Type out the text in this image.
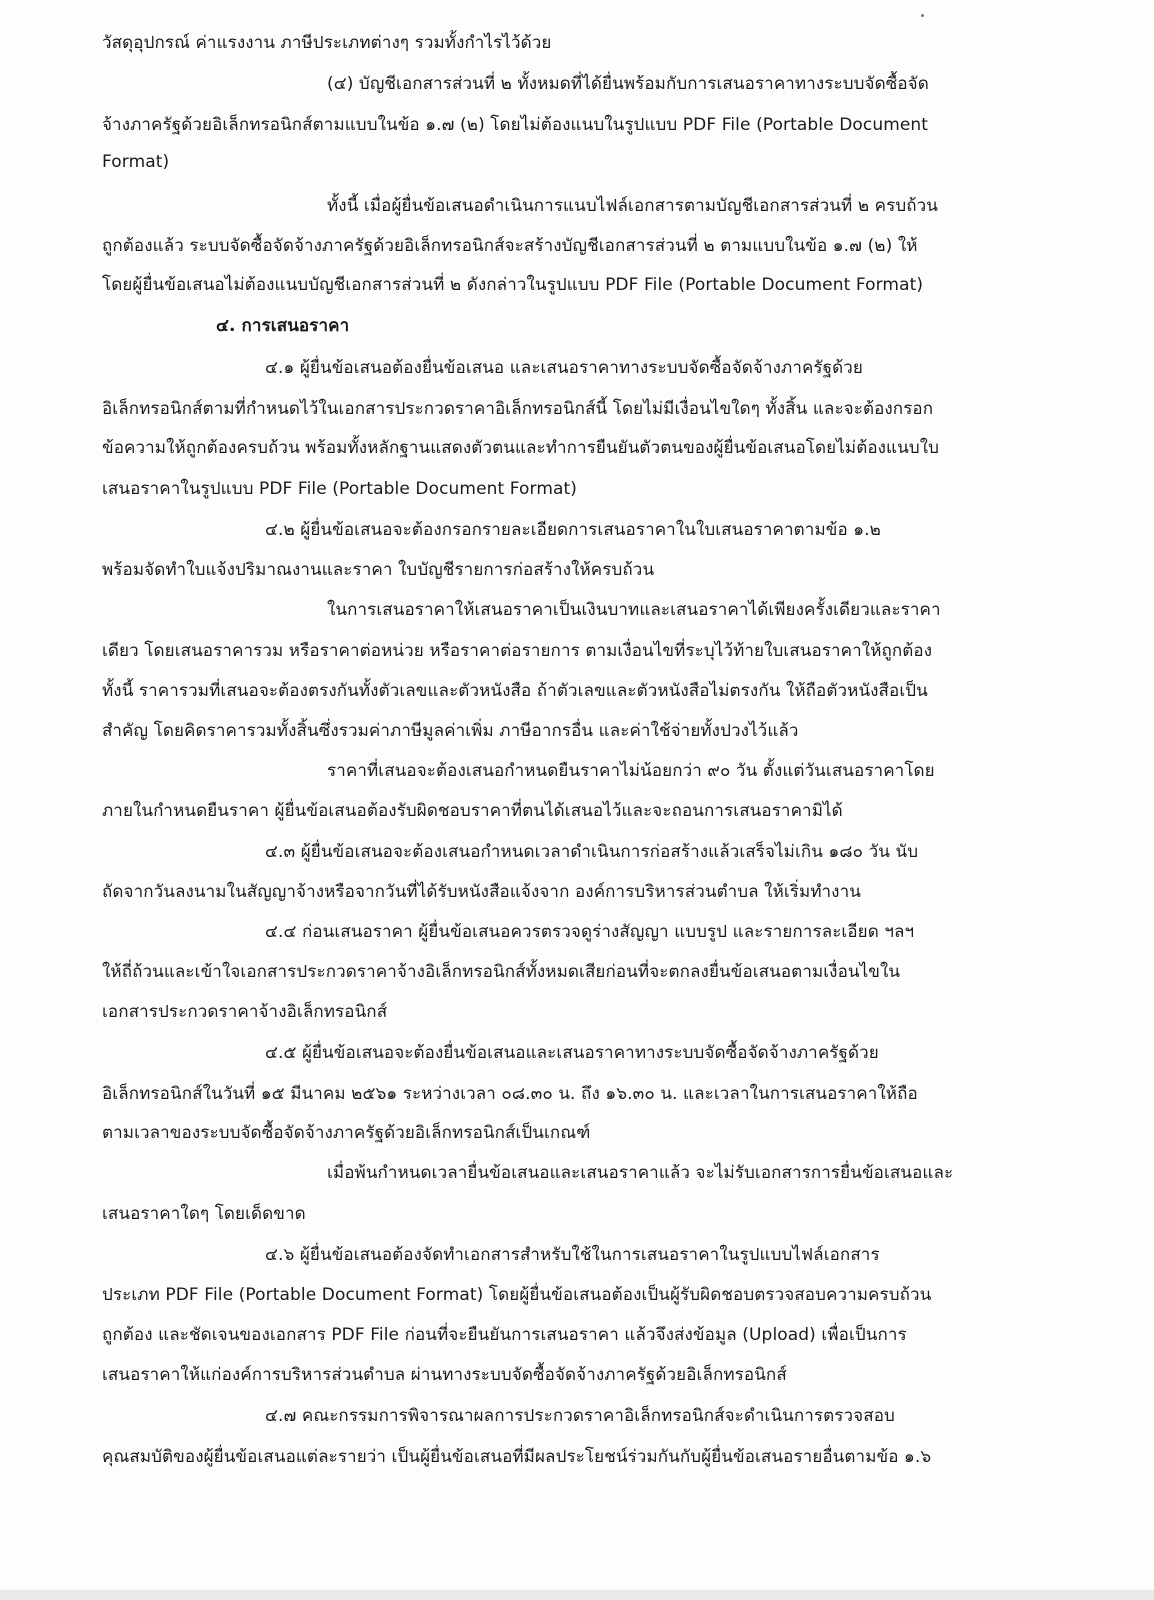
วัสดุอุปกรณ์ ค่าแรงงาน ภาษีประเภทต่างๆ รวมทั้งกำไรไว้ด้วย
(๔) บัญชีเอกสารส่วนที่ ๒ ทั้งหมดที่ได้ยื่นพร้อมกับการเสนอราคาทางระบบจัดซื้อจัด
จ้างภาครัฐด้วยอิเล็กทรอนิกส์ตามแบบในข้อ ๑.๗ (๒) โดยไม่ต้องแนบในรูปแบบ PDF File (Portable Document
Format)
ทั้งนี้ เมื่อผู้ยื่นข้อเสนอดำเนินการแนบไฟล์เอกสารตามบัญชีเอกสารส่วนที่ ๒ ครบถ้วน
ถูกต้องแล้ว ระบบจัดซื้อจัดจ้างภาครัฐด้วยอิเล็กทรอนิกส์จะสร้างบัญชีเอกสารส่วนที่ ๒ ตามแบบในข้อ ๑.๗ (๒) ให้
โดยผู้ยื่นข้อเสนอไม่ต้องแนบบัญชีเอกสารส่วนที่ ๒ ดังกล่าวในรูปแบบ PDF File (Portable Document Format)
๔. การเสนอราคา
๔.๑ ผู้ยื่นข้อเสนอต้องยื่นข้อเสนอ และเสนอราคาทางระบบจัดซื้อจัดจ้างภาครัฐด้วย
อิเล็กทรอนิกส์ตามที่กำหนดไว้ในเอกสารประกวดราคาอิเล็กทรอนิกส์นี้ โดยไม่มีเงื่อนไขใดๆ ทั้งสิ้น และจะต้องกรอก
ข้อความให้ถูกต้องครบถ้วน พร้อมทั้งหลักฐานแสดงตัวตนและทำการยืนยันตัวตนของผู้ยื่นข้อเสนอโดยไม่ต้องแนบใบ
เสนอราคาในรูปแบบ PDF File (Portable Document Format)
๔.๒ ผู้ยื่นข้อเสนอจะต้องกรอกรายละเอียดการเสนอราคาในใบเสนอราคาตามข้อ ๑.๒
พร้อมจัดทำใบแจ้งปริมาณงานและราคา ใบบัญชีรายการก่อสร้างให้ครบถ้วน
ในการเสนอราคาให้เสนอราคาเป็นเงินบาทและเสนอราคาได้เพียงครั้งเดียวและราคา
เดียว โดยเสนอราคารวม หรือราคาต่อหน่วย หรือราคาต่อรายการ ตามเงื่อนไขที่ระบุไว้ท้ายใบเสนอราคาให้ถูกต้อง
ทั้งนี้ ราคารวมที่เสนอจะต้องตรงกันทั้งตัวเลขและตัวหนังสือ ถ้าตัวเลขและตัวหนังสือไม่ตรงกัน ให้ถือตัวหนังสือเป็น
สำคัญ โดยคิดราคารวมทั้งสิ้นซึ่งรวมค่าภาษีมูลค่าเพิ่ม ภาษีอากรอื่น และค่าใช้จ่ายทั้งปวงไว้แล้ว
ราคาที่เสนอจะต้องเสนอกำหนดยืนราคาไม่น้อยกว่า ๙๐ วัน ตั้งแต่วันเสนอราคาโดย
ภายในกำหนดยืนราคา ผู้ยื่นข้อเสนอต้องรับผิดชอบราคาที่ตนได้เสนอไว้และจะถอนการเสนอราคามิได้
๔.๓ ผู้ยื่นข้อเสนอจะต้องเสนอกำหนดเวลาดำเนินการก่อสร้างแล้วเสร็จไม่เกิน ๑๘๐ วัน นับ
ถัดจากวันลงนามในสัญญาจ้างหรือจากวันที่ได้รับหนังสือแจ้งจาก องค์การบริหารส่วนตำบล ให้เริ่มทำงาน
๔.๔ ก่อนเสนอราคา ผู้ยื่นข้อเสนอควรตรวจดูร่างสัญญา แบบรูป และรายการละเอียด ฯลฯ
ให้ถี่ถ้วนและเข้าใจเอกสารประกวดราคาจ้างอิเล็กทรอนิกส์ทั้งหมดเสียก่อนที่จะตกลงยื่นข้อเสนอตามเงื่อนไขใน
เอกสารประกวดราคาจ้างอิเล็กทรอนิกส์
๔.๕ ผู้ยื่นข้อเสนอจะต้องยื่นข้อเสนอและเสนอราคาทางระบบจัดซื้อจัดจ้างภาครัฐด้วย
อิเล็กทรอนิกส์ในวันที่ ๑๕ มีนาคม ๒๕๖๑ ระหว่างเวลา ๐๘.๓๐ น. ถึง ๑๖.๓๐ น. และเวลาในการเสนอราคาให้ถือ
ตามเวลาของระบบจัดซื้อจัดจ้างภาครัฐด้วยอิเล็กทรอนิกส์เป็นเกณฑ์
เมื่อพ้นกำหนดเวลายื่นข้อเสนอและเสนอราคาแล้ว จะไม่รับเอกสารการยื่นข้อเสนอและ
เสนอราคาใดๆ โดยเด็ดขาด
๔.๖ ผู้ยื่นข้อเสนอต้องจัดทำเอกสารสำหรับใช้ในการเสนอราคาในรูปแบบไฟล์เอกสาร
ประเภท PDF File (Portable Document Format) โดยผู้ยื่นข้อเสนอต้องเป็นผู้รับผิดชอบตรวจสอบความครบถ้วน
ถูกต้อง และชัดเจนของเอกสาร PDF File ก่อนที่จะยืนยันการเสนอราคา แล้วจึงส่งข้อมูล (Upload) เพื่อเป็นการ
เสนอราคาให้แก่องค์การบริหารส่วนตำบล ผ่านทางระบบจัดซื้อจัดจ้างภาครัฐด้วยอิเล็กทรอนิกส์
๔.๗ คณะกรรมการพิจารณาผลการประกวดราคาอิเล็กทรอนิกส์จะดำเนินการตรวจสอบ
คุณสมบัติของผู้ยื่นข้อเสนอแต่ละรายว่า เป็นผู้ยื่นข้อเสนอที่มีผลประโยชน์ร่วมกันกับผู้ยื่นข้อเสนอรายอื่นตามข้อ ๑.๖
